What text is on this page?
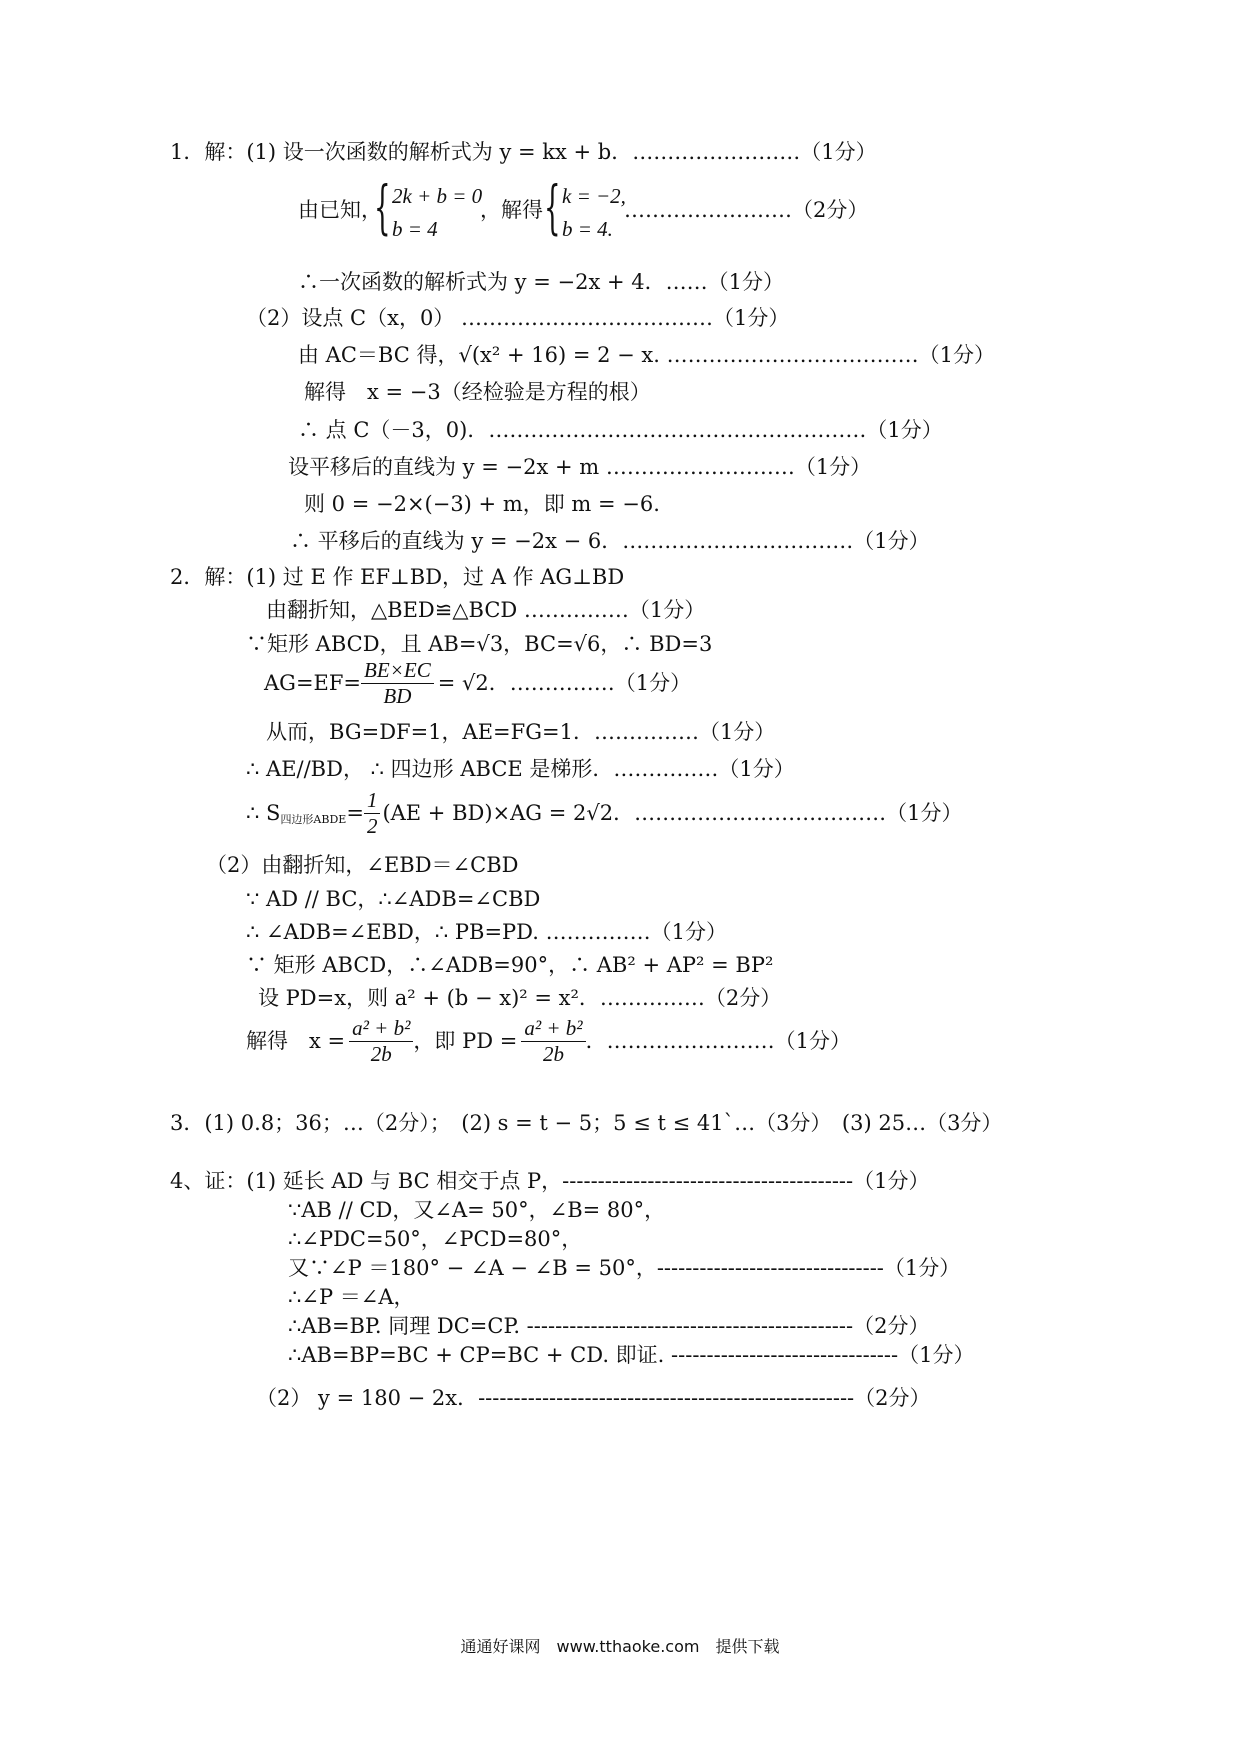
1．解：(1) 设一次函数的解析式为 y = kx + b．……………………（1分）
由已知，
{ 2k + b = 0
b = 4
，解得 { k = −2,
b = 4.
……………………（2分）
∴一次函数的解析式为 y = −2x + 4．……（1分）
（2）设点 C（x，0） ………………………………（1分）
由 AC＝BC 得，√(x² + 16) = 2 − x. ………………………………（1分）
解得　x = −3（经检验是方程的根）
∴ 点 C（－3，0)．………………………………………………（1分）
设平移后的直线为 y = −2x + m ………………………（1分）
则 0 = −2×(−3) + m，即 m = −6.
∴ 平移后的直线为 y = −2x − 6．……………………………（1分）
2．解：(1) 过 E 作 EF⊥BD，过 A 作 AG⊥BD
由翻折知，△BED≌△BCD ……………（1分）
∵矩形 ABCD，且 AB=√3，BC=√6，∴ BD=3
$AG=EF= \frac{BE\times EC}{BD} = √2$．……………（1分）
从而，BG=DF=1，AE=FG=1．……………（1分）
∴ AE//BD， ∴ 四边形 ABCE 是梯形．……………（1分）
∴ S四边形ABDE= $\frac{1}{2} (AE + BD)\times AG = 2√2$．………………………………（1分）
（2）由翻折知，∠EBD＝∠CBD
∵ AD // BC，∴∠ADB=∠CBD
∴ ∠ADB=∠EBD，∴ PB=PD. ……………（1分）
∵ 矩形 ABCD，∴∠ADB=90°，∴ AB² + AP² = BP²
设 PD=x，则 a² + (b − x)² = x²．……………（2分）
解得　$x = \frac{\text{a² + b²}}{2b}$ ，即 PD = $\frac{\text{a² + b²}}{2b}$ ．……………………（1分）
3．(1) 0.8；36；…（2分）；　(2) s = t − 5；5 ≤ t ≤ 41`…（3分）　(3) 25…（3分）
4、证：(1) 延长 AD 与 BC 相交于点 P，-----------------------------------------（1分）
∵AB // CD，又∠A= 50°，∠B= 80°，
∴∠PDC=50°，∠PCD=80°，
又∵∠P ＝180° − ∠A − ∠B = 50°，--------------------------------（1分）
∴∠P ＝∠A，
∴AB=BP. 同理 DC=CP. ----------------------------------------------（2分）
∴AB=BP=BC + CP=BC + CD. 即证. --------------------------------（1分）
（2） y = 180 − 2x．-----------------------------------------------------（2分）
通通好课网　www.tthaoke.com　提供下载
